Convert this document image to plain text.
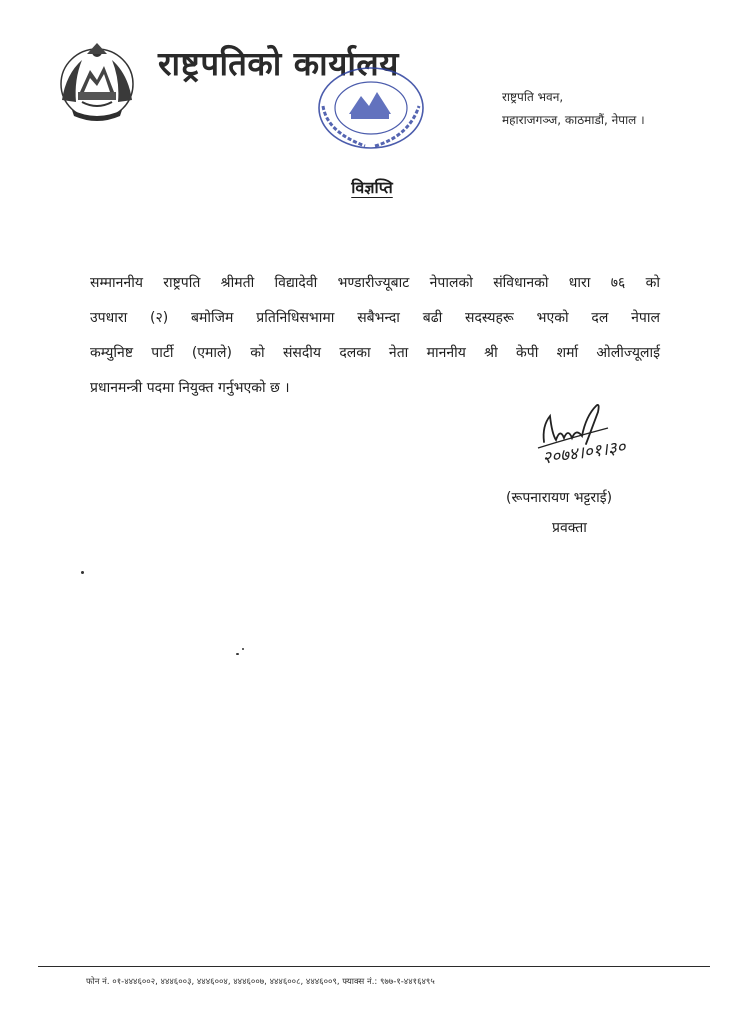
राष्ट्रपतिको कार्यालय
राष्ट्रपति भवन,
महाराजगञ्ज, काठमाडौं, नेपाल ।
विज्ञप्ति

सम्माननीय राष्ट्रपति श्रीमती विद्यादेवी भण्डारीज्यूबाट नेपालको संविधानको धारा ७६ को
उपधारा (२) बमोजिम प्रतिनिधिसभामा सबैभन्दा बढी सदस्यहरू भएको दल नेपाल
कम्युनिष्ट पार्टी (एमाले) को संसदीय दलका नेता माननीय श्री केपी शर्मा ओलीज्यूलाई
प्रधानमन्त्री पदमा नियुक्त गर्नुभएको छ ।

२०७४।०१।३०
(रूपनारायण भट्टराई)
प्रवक्ता
फोन नं. ०१-४४४६००२, ४४४६००३, ४४४६००४, ४४४६००७, ४४४६००८, ४४४६००९, फ्याक्स नं.: ९७७-१-४४१६४९५
